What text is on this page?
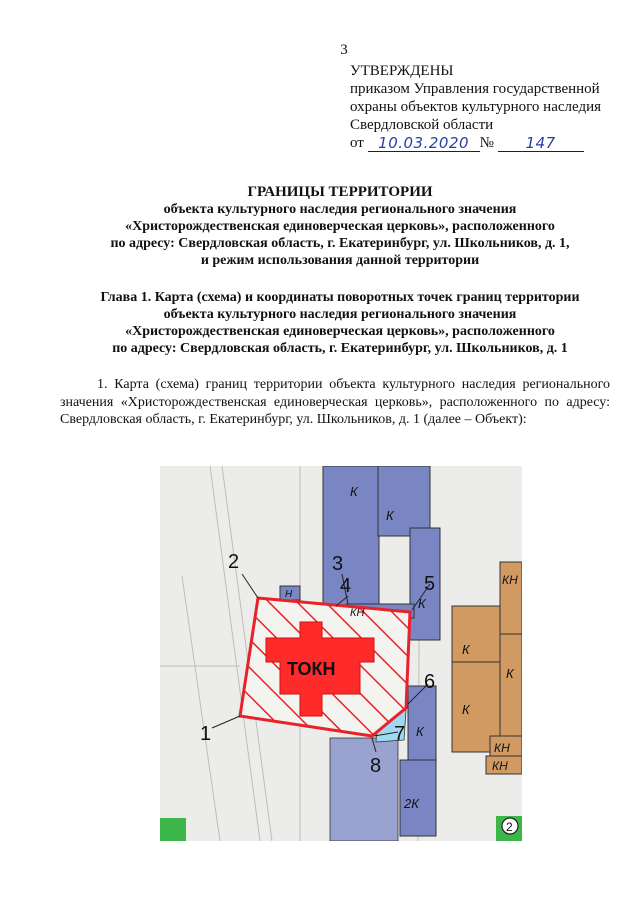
3
УТВЕРЖДЕНЫ
приказом Управления государственной
охраны объектов культурного наследия
Свердловской области
от 10.03.2020 № 147
ГРАНИЦЫ ТЕРРИТОРИИ
объекта культурного наследия регионального значения
«Христорождественская единоверческая церковь», расположенного
по адресу: Свердловская область, г. Екатеринбург, ул. Школьников, д. 1,
и режим использования данной территории
Глава 1. Карта (схема) и координаты поворотных точек границ территории
объекта культурного наследия регионального значения
«Христорождественская единоверческая церковь», расположенного
по адресу: Свердловская область, г. Екатеринбург, ул. Школьников, д. 1
1. Карта (схема) границ территории объекта культурного наследия регионального значения «Христорождественская единоверческая церковь», расположенного по адресу: Свердловская область, г. Екатеринбург, ул. Школьников, д. 1 (далее – Объект):
ТОКН
1
2	3
4	5
6
7
8
К
К
К
К
К
К
К
КН
КН
КН
КН
2К
Н
2
